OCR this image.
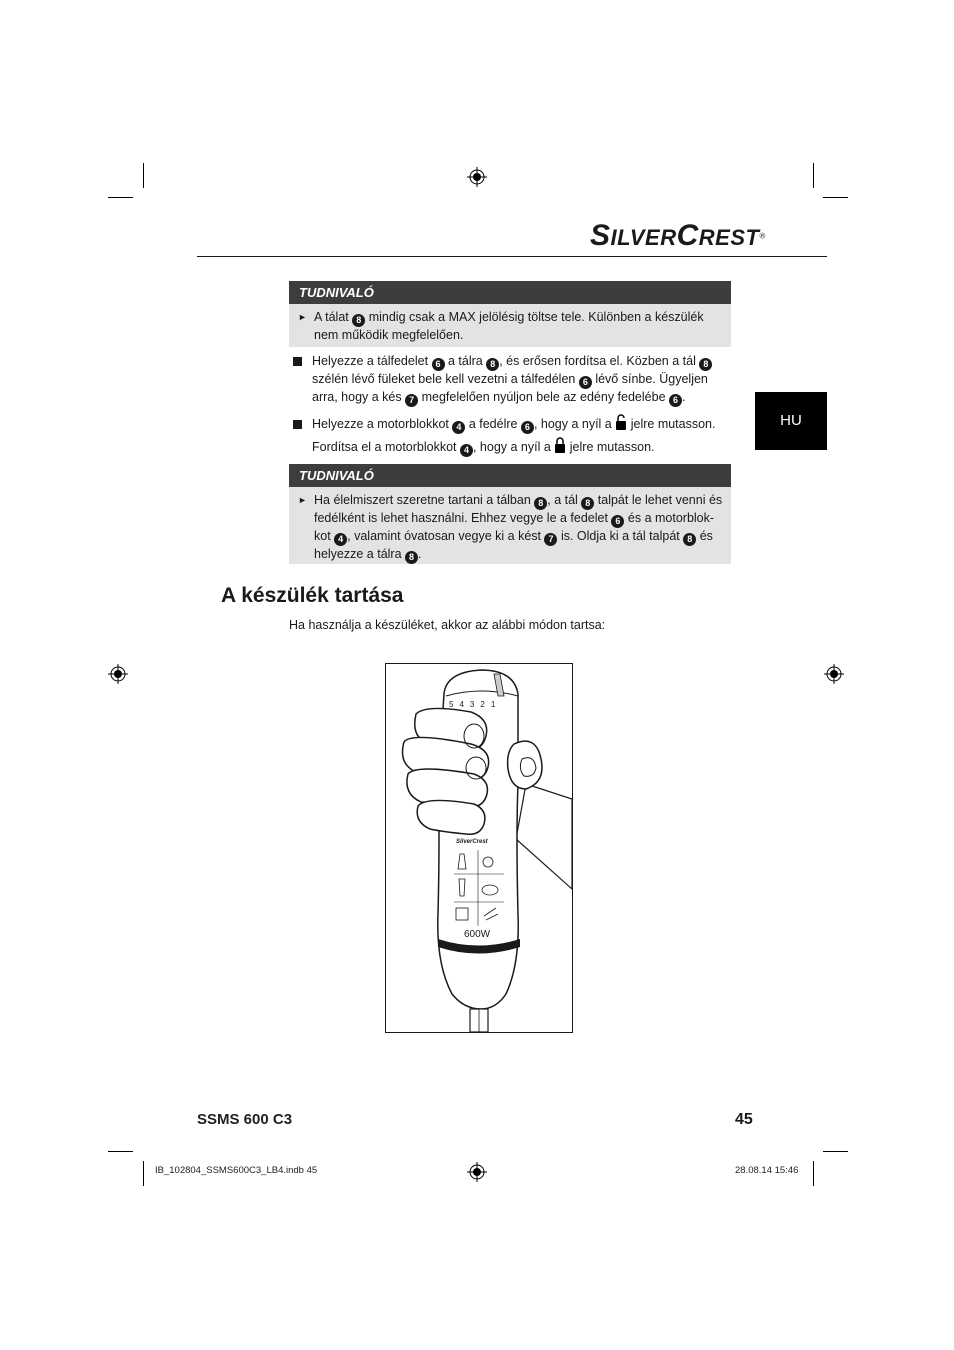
SILVERCREST®
HU
TUDNIVALÓ
► A tálat 8 mindig csak a MAX jelölésig töltse tele. Különben a készülék nem működik megfelelően.
Helyezze a tálfedelet 6 a tálra 8 , és erősen fordítsa el. Közben a tál 8 szélén lévő füleket bele kell vezetni a tálfedélen 6 lévő sínbe. Ügyeljen arra, hogy a kés 7 megfelelően nyúljon bele az edény fedelébe 6 .
Helyezze a motorblokkot 4 a fedélre 6 , hogy a nyíl a  jelre mutasson.
Fordítsa el a motorblokkot 4 , hogy a nyíl a  jelre mutasson.
TUDNIVALÓ
► Ha élelmiszert szeretne tartani a tálban 8 , a tál 8 talpát le lehet venni és fedélként is lehet használni. Ehhez vegye le a fedelet 6 és a motorblokkot 4 , valamint óvatosan vegye ki a kést 7 is. Oldja ki a tál talpát 8 és helyezze a tálra 8 .
A készülék tartása
Ha használja a készüléket, akkor az alábbi módon tartsa:
54321
SilverCrest
600W
SSMS 600 C3	45
IB_102804_SSMS600C3_LB4.indb 45	28.08.14 15:46
